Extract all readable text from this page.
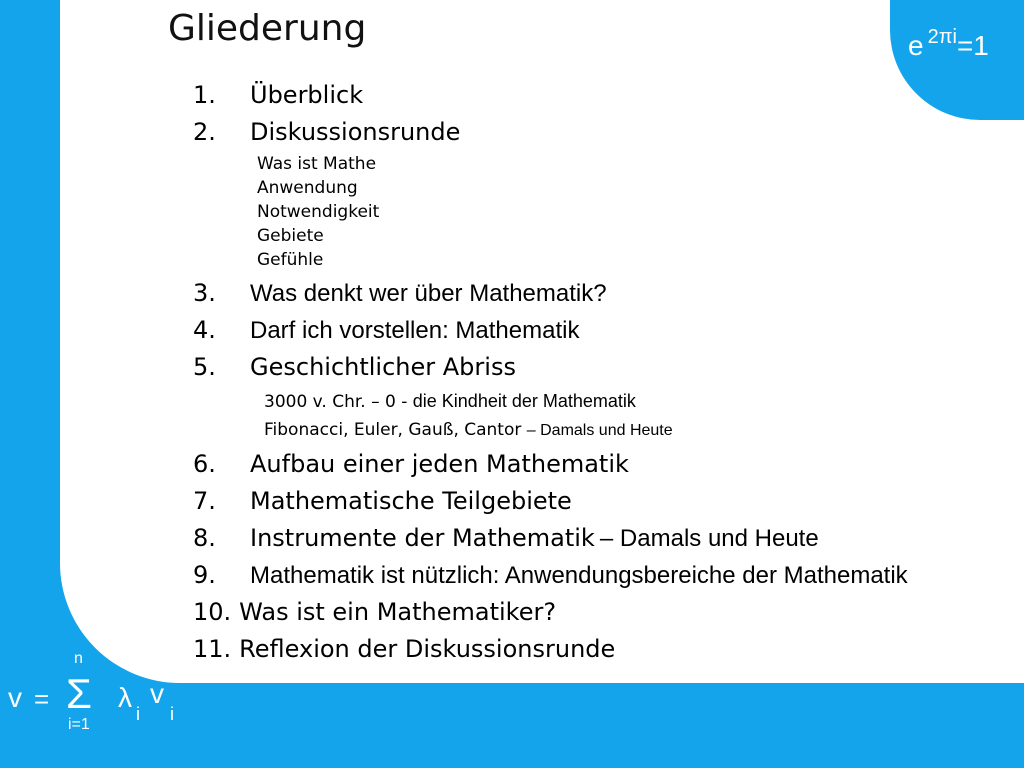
e $^{2\pi i}$=1
Gliederung
1. Überblick
2. Diskussionsrunde
Was ist Mathe
Anwendung
Notwendigkeit
Gebiete
Gefühle
3. Was denkt wer über Mathematik?
4. Darf ich vorstellen: Mathematik
5. Geschichtlicher Abriss
3000 v. Chr. – 0 - die Kindheit der Mathematik
Fibonacci, Euler, Gauß, Cantor – Damals und Heute
6. Aufbau einer jeden Mathematik
7. Mathematische Teilgebiete
8. Instrumente der Mathematik – Damals und Heute
9. Mathematik ist nützlich: Anwendungsbereiche der Mathematik
10. Was ist ein Mathematiker?
11. Reflexion der Diskussionsrunde
v =
n
Σ
i=1
λ
i
v
i
